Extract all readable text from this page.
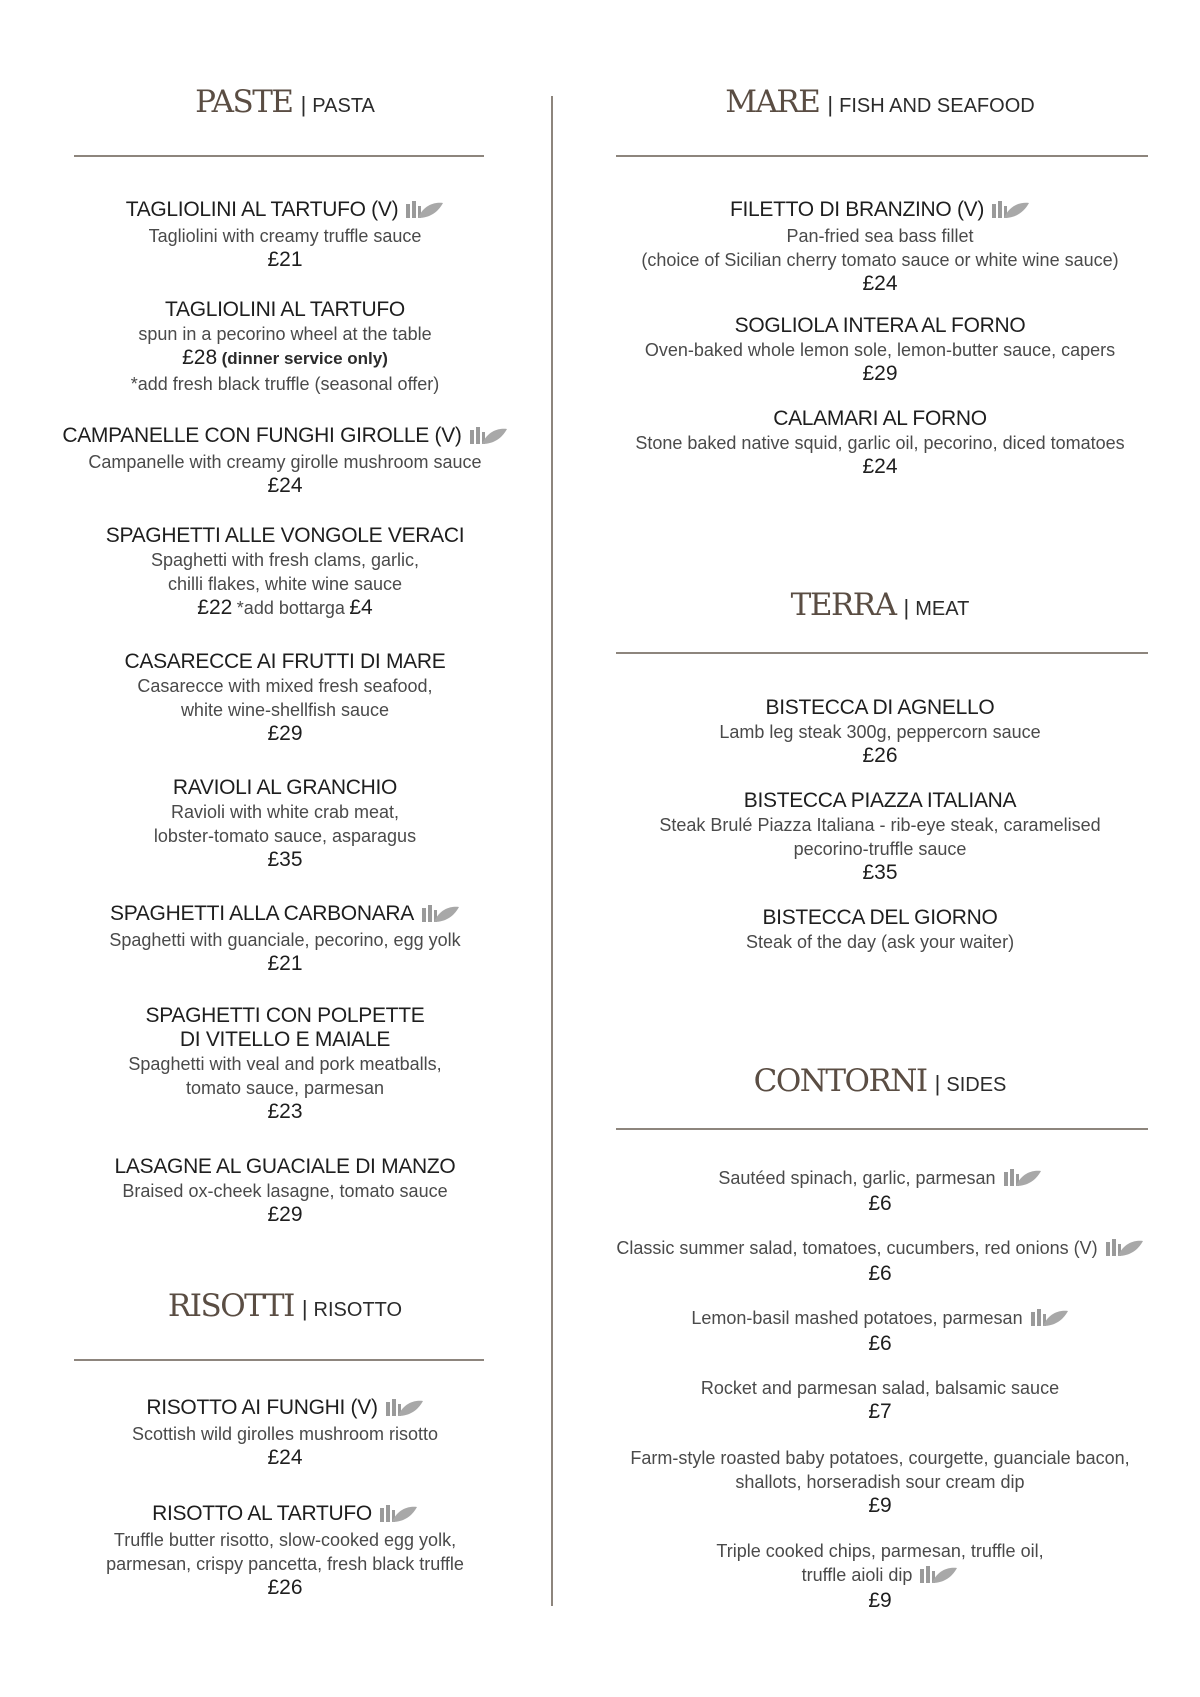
PASTE | PASTA
TAGLIOLINI AL TARTUFO (V)
Tagliolini with creamy truffle sauce
£21
TAGLIOLINI AL TARTUFO
spun in a pecorino wheel at the table
£28 (dinner service only)
*add fresh black truffle (seasonal offer)
CAMPANELLE CON FUNGHI GIROLLE (V)
Campanelle with creamy girolle mushroom sauce
£24
SPAGHETTI ALLE VONGOLE VERACI
Spaghetti with fresh clams, garlic,
chilli flakes, white wine sauce
£22 *add bottarga £4
CASARECCE AI FRUTTI DI MARE
Casarecce with mixed fresh seafood,
white wine-shellfish sauce
£29
RAVIOLI AL GRANCHIO
Ravioli with white crab meat,
lobster-tomato sauce, asparagus
£35
SPAGHETTI ALLA CARBONARA
Spaghetti with guanciale, pecorino, egg yolk
£21
SPAGHETTI CON POLPETTE
DI VITELLO E MAIALE
Spaghetti with veal and pork meatballs,
tomato sauce, parmesan
£23
LASAGNE AL GUACIALE DI MANZO
Braised ox-cheek lasagne, tomato sauce
£29
RISOTTI | RISOTTO
RISOTTO AI FUNGHI (V)
Scottish wild girolles mushroom risotto
£24
RISOTTO AL TARTUFO
Truffle butter risotto, slow-cooked egg yolk,
parmesan, crispy pancetta, fresh black truffle
£26
MARE | FISH AND SEAFOOD
FILETTO DI BRANZINO (V)
Pan-fried sea bass fillet
(choice of Sicilian cherry tomato sauce or white wine sauce)
£24
SOGLIOLA INTERA AL FORNO
Oven-baked whole lemon sole, lemon-butter sauce, capers
£29
CALAMARI AL FORNO
Stone baked native squid, garlic oil, pecorino, diced tomatoes
£24
TERRA | MEAT
BISTECCA DI AGNELLO
Lamb leg steak 300g, peppercorn sauce
£26
BISTECCA PIAZZA ITALIANA
Steak Brulé Piazza Italiana - rib-eye steak, caramelised
pecorino-truffle sauce
£35
BISTECCA DEL GIORNO
Steak of the day (ask your waiter)
CONTORNI | SIDES
Sautéed spinach, garlic, parmesan
£6
Classic summer salad, tomatoes, cucumbers, red onions (V)
£6
Lemon-basil mashed potatoes, parmesan
£6
Rocket and parmesan salad, balsamic sauce
£7
Farm-style roasted baby potatoes, courgette, guanciale bacon,
shallots, horseradish sour cream dip
£9
Triple cooked chips, parmesan, truffle oil,
truffle aioli dip
£9
